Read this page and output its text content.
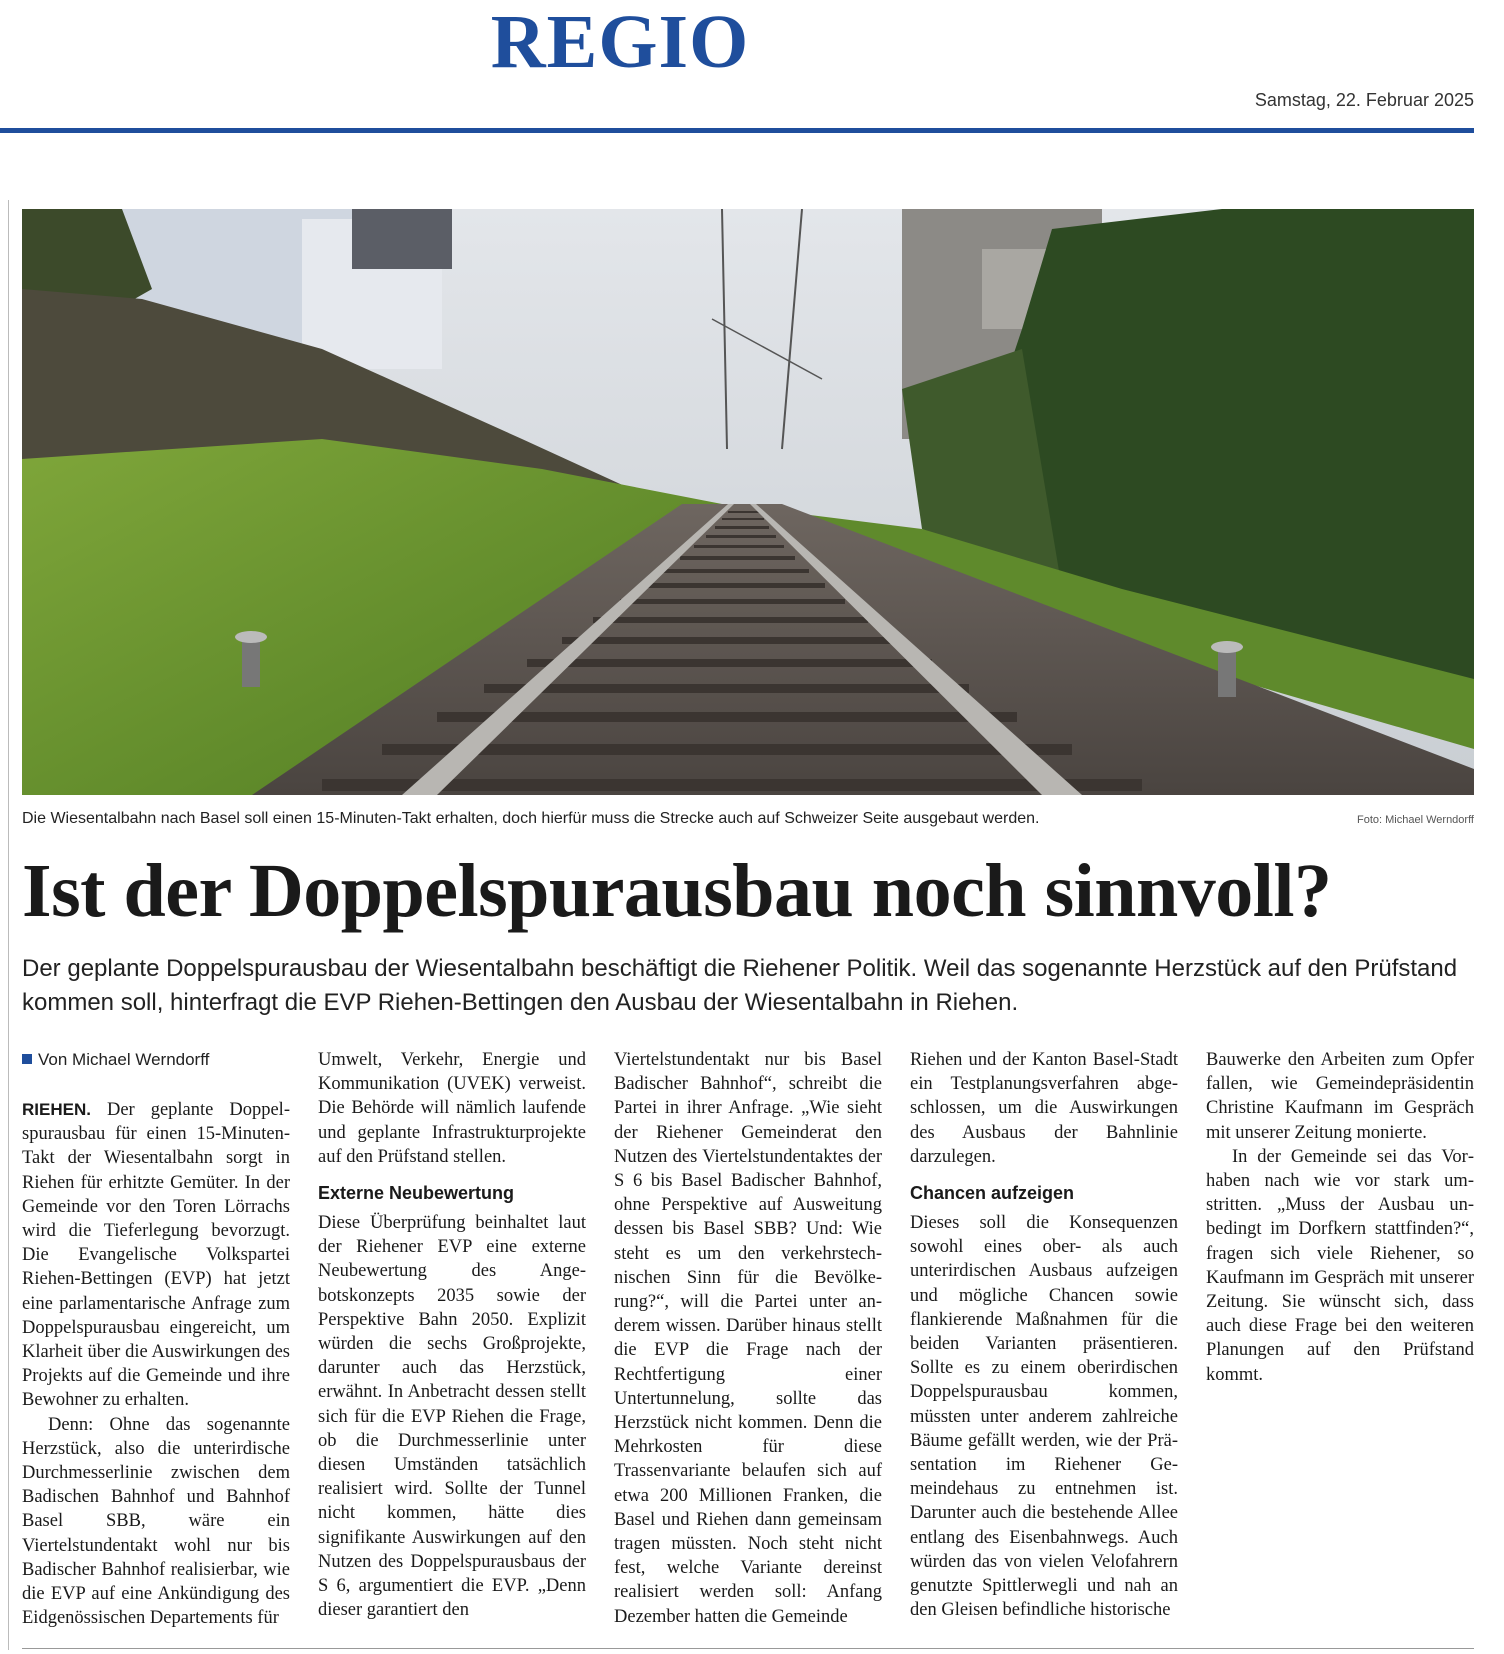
REGIO
Samstag, 22. Februar 2025
Die Wiesentalbahn nach Basel soll einen 15-Minuten-Takt erhalten, doch hierfür muss die Strecke auch auf Schweizer Seite ausgebaut werden.	Foto: Michael Werndorff
Ist der Doppelspurausbau noch sinnvoll?

Der geplante Doppelspurausbau der Wiesentalbahn beschäftigt die Riehener Politik. Weil das sogenannte Herzstück auf den Prüfstand kommen soll, hinterfragt die EVP Riehen-Bettingen den Ausbau der Wiesentalbahn in Riehen.

Von Michael Werndorff

RIEHEN. Der geplante Doppelspurausbau für einen 15-Minuten-Takt der Wiesentalbahn sorgt in Riehen für erhitzte Gemüter. In der Gemeinde vor den Toren Lörrachs wird die Tieferlegung bevorzugt. Die Evangelische Volkspartei Riehen-Bettingen (EVP) hat jetzt eine parlamentarische Anfrage zum Doppelspurausbau eingereicht, um Klarheit über die Auswirkungen des Projekts auf die Gemeinde und ihre Bewohner zu erhalten.

Denn: Ohne das sogenannte Herzstück, also die unterirdische Durchmesserlinie zwischen dem Badischen Bahnhof und Bahnhof Basel SBB, wäre ein Viertelstundentakt wohl nur bis Badischer Bahnhof realisierbar, wie die EVP auf eine Ankündigung des Eidgenössischen Departements für

Umwelt, Verkehr, Energie und Kommunikation (UVEK) verweist. Die Behörde will nämlich laufende und geplante Infrastrukturprojekte auf den Prüfstand stellen.

Externe Neubewertung

Diese Überprüfung beinhaltet laut der Riehener EVP eine externe Neubewertung des Angebotskonzepts 2035 sowie der Perspektive Bahn 2050. Explizit würden die sechs Großprojekte, darunter auch das Herzstück, erwähnt. In Anbetracht dessen stellt sich für die EVP Riehen die Frage, ob die Durchmesserlinie unter diesen Umständen tatsächlich realisiert wird. Sollte der Tunnel nicht kommen, hätte dies signifikante Auswirkungen auf den Nutzen des Doppelspurausbaus der S 6, argumentiert die EVP. „Denn dieser garantiert den

Viertelstundentakt nur bis Basel Badischer Bahnhof“, schreibt die Partei in ihrer Anfrage. „Wie sieht der Riehener Gemeinderat den Nutzen des Viertelstundentaktes der S 6 bis Basel Badischer Bahnhof, ohne Perspektive auf Ausweitung dessen bis Basel SBB? Und: Wie steht es um den verkehrstechnischen Sinn für die Bevölkerung?“, will die Partei unter anderem wissen. Darüber hinaus stellt die EVP die Frage nach der Rechtfertigung einer Untertunnelung, sollte das Herzstück nicht kommen. Denn die Mehrkosten für diese Trassenvariante belaufen sich auf etwa 200 Millionen Franken, die Basel und Riehen dann gemeinsam tragen müssten. Noch steht nicht fest, welche Variante dereinst realisiert werden soll: Anfang Dezember hatten die Gemeinde

Riehen und der Kanton Basel-Stadt ein Testplanungsverfahren abgeschlossen, um die Auswirkungen des Ausbaus der Bahnlinie darzulegen.

Chancen aufzeigen

Dieses soll die Konsequenzen sowohl eines ober- als auch unterirdischen Ausbaus aufzeigen und mögliche Chancen sowie flankierende Maßnahmen für die beiden Varianten präsentieren. Sollte es zu einem oberirdischen Doppelspurausbau kommen, müssten unter anderem zahlreiche Bäume gefällt werden, wie der Präsentation im Riehener Gemeindehaus zu entnehmen ist. Darunter auch die bestehende Allee entlang des Eisenbahnwegs. Auch würden das von vielen Velofahrern genutzte Spittlerwegli und nah an den Gleisen befindliche historische

Bauwerke den Arbeiten zum Opfer fallen, wie Gemeindepräsidentin Christine Kaufmann im Gespräch mit unserer Zeitung monierte.

In der Gemeinde sei das Vorhaben nach wie vor stark umstritten. „Muss der Ausbau unbedingt im Dorfkern stattfinden?“, fragen sich viele Riehener, so Kaufmann im Gespräch mit unserer Zeitung. Sie wünscht sich, dass auch diese Frage bei den weiteren Planungen auf den Prüfstand kommt.
